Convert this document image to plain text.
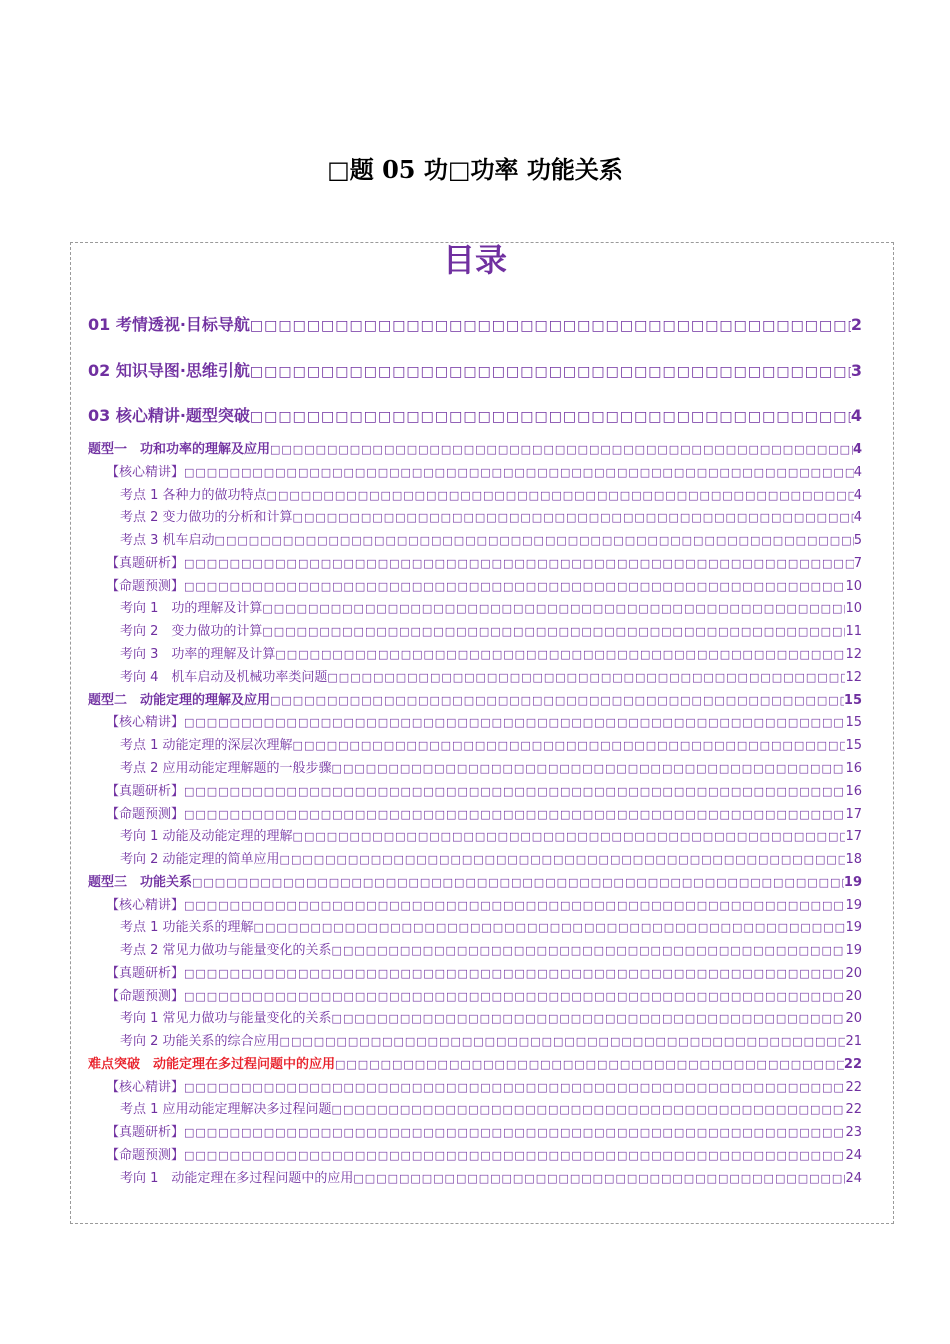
□题 05 功□功率 功能关系
目录
01 考情透视·目标导航 □□□□□□□□□□□□□□□□□□□□□□□□□□□□□□□□□□□□□□□□□□□□□□□□□□□□□□□□□□□□□□□□□□□□□□□□□□□□□□□□□□□□□□□□□□□□□□□□□□□□□□□□□□□□□□□□□□□□□□□□□□□□□□□□□□□□□□□□□□□□□□□□□□□□□□□□□□□□□□□□□□□□□□□□□□□□□□□□□□□□□□□□□	2
02 知识导图·思维引航 □□□□□□□□□□□□□□□□□□□□□□□□□□□□□□□□□□□□□□□□□□□□□□□□□□□□□□□□□□□□□□□□□□□□□□□□□□□□□□□□□□□□□□□□□□□□□□□□□□□□□□□□□□□□□□□□□□□□□□□□□□□□□□□□□□□□□□□□□□□□□□□□□□□□□□□□□□□□□□□□□□□□□□□□□□□□□□□□□□□□□□□□□	3
03 核心精讲·题型突破 □□□□□□□□□□□□□□□□□□□□□□□□□□□□□□□□□□□□□□□□□□□□□□□□□□□□□□□□□□□□□□□□□□□□□□□□□□□□□□□□□□□□□□□□□□□□□□□□□□□□□□□□□□□□□□□□□□□□□□□□□□□□□□□□□□□□□□□□□□□□□□□□□□□□□□□□□□□□□□□□□□□□□□□□□□□□□□□□□□□□□□□□□	4
题型一　功和功率的理解及应用 □□□□□□□□□□□□□□□□□□□□□□□□□□□□□□□□□□□□□□□□□□□□□□□□□□□□□□□□□□□□□□□□□□□□□□□□□□□□□□□□□□□□□□□□□□□□□□□□□□□□□□□□□□□□□□□□□□□□□□□□□□□□□□□□□□□□□□□□□□□□□□□□□□□□□□□□□□□□□□□□□□□□□□□□□□□□□□□□□□□□□□□□□	4
【核心精讲】 □□□□□□□□□□□□□□□□□□□□□□□□□□□□□□□□□□□□□□□□□□□□□□□□□□□□□□□□□□□□□□□□□□□□□□□□□□□□□□□□□□□□□□□□□□□□□□□□□□□□□□□□□□□□□□□□□□□□□□□□□□□□□□□□□□□□□□□□□□□□□□□□□□□□□□□□□□□□□□□□□□□□□□□□□□□□□□□□□□□□□□□□□	4
考点 1 各种力的做功特点 □□□□□□□□□□□□□□□□□□□□□□□□□□□□□□□□□□□□□□□□□□□□□□□□□□□□□□□□□□□□□□□□□□□□□□□□□□□□□□□□□□□□□□□□□□□□□□□□□□□□□□□□□□□□□□□□□□□□□□□□□□□□□□□□□□□□□□□□□□□□□□□□□□□□□□□□□□□□□□□□□□□□□□□□□□□□□□□□□□□□□□□□□	4
考点 2 变力做功的分析和计算 □□□□□□□□□□□□□□□□□□□□□□□□□□□□□□□□□□□□□□□□□□□□□□□□□□□□□□□□□□□□□□□□□□□□□□□□□□□□□□□□□□□□□□□□□□□□□□□□□□□□□□□□□□□□□□□□□□□□□□□□□□□□□□□□□□□□□□□□□□□□□□□□□□□□□□□□□□□□□□□□□□□□□□□□□□□□□□□□□□□□□□□□□	4
考点 3 机车启动 □□□□□□□□□□□□□□□□□□□□□□□□□□□□□□□□□□□□□□□□□□□□□□□□□□□□□□□□□□□□□□□□□□□□□□□□□□□□□□□□□□□□□□□□□□□□□□□□□□□□□□□□□□□□□□□□□□□□□□□□□□□□□□□□□□□□□□□□□□□□□□□□□□□□□□□□□□□□□□□□□□□□□□□□□□□□□□□□□□□□□□□□□	5
【真题研析】 □□□□□□□□□□□□□□□□□□□□□□□□□□□□□□□□□□□□□□□□□□□□□□□□□□□□□□□□□□□□□□□□□□□□□□□□□□□□□□□□□□□□□□□□□□□□□□□□□□□□□□□□□□□□□□□□□□□□□□□□□□□□□□□□□□□□□□□□□□□□□□□□□□□□□□□□□□□□□□□□□□□□□□□□□□□□□□□□□□□□□□□□□	7
【命题预测】 □□□□□□□□□□□□□□□□□□□□□□□□□□□□□□□□□□□□□□□□□□□□□□□□□□□□□□□□□□□□□□□□□□□□□□□□□□□□□□□□□□□□□□□□□□□□□□□□□□□□□□□□□□□□□□□□□□□□□□□□□□□□□□□□□□□□□□□□□□□□□□□□□□□□□□□□□□□□□□□□□□□□□□□□□□□□□□□□□□□□□□□□□	10
考向 1　功的理解及计算 □□□□□□□□□□□□□□□□□□□□□□□□□□□□□□□□□□□□□□□□□□□□□□□□□□□□□□□□□□□□□□□□□□□□□□□□□□□□□□□□□□□□□□□□□□□□□□□□□□□□□□□□□□□□□□□□□□□□□□□□□□□□□□□□□□□□□□□□□□□□□□□□□□□□□□□□□□□□□□□□□□□□□□□□□□□□□□□□□□□□□□□□□	10
考向 2　变力做功的计算 □□□□□□□□□□□□□□□□□□□□□□□□□□□□□□□□□□□□□□□□□□□□□□□□□□□□□□□□□□□□□□□□□□□□□□□□□□□□□□□□□□□□□□□□□□□□□□□□□□□□□□□□□□□□□□□□□□□□□□□□□□□□□□□□□□□□□□□□□□□□□□□□□□□□□□□□□□□□□□□□□□□□□□□□□□□□□□□□□□□□□□□□□	11
考向 3　功率的理解及计算 □□□□□□□□□□□□□□□□□□□□□□□□□□□□□□□□□□□□□□□□□□□□□□□□□□□□□□□□□□□□□□□□□□□□□□□□□□□□□□□□□□□□□□□□□□□□□□□□□□□□□□□□□□□□□□□□□□□□□□□□□□□□□□□□□□□□□□□□□□□□□□□□□□□□□□□□□□□□□□□□□□□□□□□□□□□□□□□□□□□□□□□□□	12
考向 4　机车启动及机械功率类问题 □□□□□□□□□□□□□□□□□□□□□□□□□□□□□□□□□□□□□□□□□□□□□□□□□□□□□□□□□□□□□□□□□□□□□□□□□□□□□□□□□□□□□□□□□□□□□□□□□□□□□□□□□□□□□□□□□□□□□□□□□□□□□□□□□□□□□□□□□□□□□□□□□□□□□□□□□□□□□□□□□□□□□□□□□□□□□□□□□□□□□□□□□	12
题型二　动能定理的理解及应用 □□□□□□□□□□□□□□□□□□□□□□□□□□□□□□□□□□□□□□□□□□□□□□□□□□□□□□□□□□□□□□□□□□□□□□□□□□□□□□□□□□□□□□□□□□□□□□□□□□□□□□□□□□□□□□□□□□□□□□□□□□□□□□□□□□□□□□□□□□□□□□□□□□□□□□□□□□□□□□□□□□□□□□□□□□□□□□□□□□□□□□□□□	15
【核心精讲】 □□□□□□□□□□□□□□□□□□□□□□□□□□□□□□□□□□□□□□□□□□□□□□□□□□□□□□□□□□□□□□□□□□□□□□□□□□□□□□□□□□□□□□□□□□□□□□□□□□□□□□□□□□□□□□□□□□□□□□□□□□□□□□□□□□□□□□□□□□□□□□□□□□□□□□□□□□□□□□□□□□□□□□□□□□□□□□□□□□□□□□□□□	15
考点 1 动能定理的深层次理解 □□□□□□□□□□□□□□□□□□□□□□□□□□□□□□□□□□□□□□□□□□□□□□□□□□□□□□□□□□□□□□□□□□□□□□□□□□□□□□□□□□□□□□□□□□□□□□□□□□□□□□□□□□□□□□□□□□□□□□□□□□□□□□□□□□□□□□□□□□□□□□□□□□□□□□□□□□□□□□□□□□□□□□□□□□□□□□□□□□□□□□□□□	15
考点 2 应用动能定理解题的一般步骤 □□□□□□□□□□□□□□□□□□□□□□□□□□□□□□□□□□□□□□□□□□□□□□□□□□□□□□□□□□□□□□□□□□□□□□□□□□□□□□□□□□□□□□□□□□□□□□□□□□□□□□□□□□□□□□□□□□□□□□□□□□□□□□□□□□□□□□□□□□□□□□□□□□□□□□□□□□□□□□□□□□□□□□□□□□□□□□□□□□□□□□□□□	16
【真题研析】 □□□□□□□□□□□□□□□□□□□□□□□□□□□□□□□□□□□□□□□□□□□□□□□□□□□□□□□□□□□□□□□□□□□□□□□□□□□□□□□□□□□□□□□□□□□□□□□□□□□□□□□□□□□□□□□□□□□□□□□□□□□□□□□□□□□□□□□□□□□□□□□□□□□□□□□□□□□□□□□□□□□□□□□□□□□□□□□□□□□□□□□□□	16
【命题预测】 □□□□□□□□□□□□□□□□□□□□□□□□□□□□□□□□□□□□□□□□□□□□□□□□□□□□□□□□□□□□□□□□□□□□□□□□□□□□□□□□□□□□□□□□□□□□□□□□□□□□□□□□□□□□□□□□□□□□□□□□□□□□□□□□□□□□□□□□□□□□□□□□□□□□□□□□□□□□□□□□□□□□□□□□□□□□□□□□□□□□□□□□□	17
考向 1 动能及动能定理的理解 □□□□□□□□□□□□□□□□□□□□□□□□□□□□□□□□□□□□□□□□□□□□□□□□□□□□□□□□□□□□□□□□□□□□□□□□□□□□□□□□□□□□□□□□□□□□□□□□□□□□□□□□□□□□□□□□□□□□□□□□□□□□□□□□□□□□□□□□□□□□□□□□□□□□□□□□□□□□□□□□□□□□□□□□□□□□□□□□□□□□□□□□□	17
考向 2 动能定理的简单应用 □□□□□□□□□□□□□□□□□□□□□□□□□□□□□□□□□□□□□□□□□□□□□□□□□□□□□□□□□□□□□□□□□□□□□□□□□□□□□□□□□□□□□□□□□□□□□□□□□□□□□□□□□□□□□□□□□□□□□□□□□□□□□□□□□□□□□□□□□□□□□□□□□□□□□□□□□□□□□□□□□□□□□□□□□□□□□□□□□□□□□□□□□	18
题型三　功能关系 □□□□□□□□□□□□□□□□□□□□□□□□□□□□□□□□□□□□□□□□□□□□□□□□□□□□□□□□□□□□□□□□□□□□□□□□□□□□□□□□□□□□□□□□□□□□□□□□□□□□□□□□□□□□□□□□□□□□□□□□□□□□□□□□□□□□□□□□□□□□□□□□□□□□□□□□□□□□□□□□□□□□□□□□□□□□□□□□□□□□□□□□□	19
【核心精讲】 □□□□□□□□□□□□□□□□□□□□□□□□□□□□□□□□□□□□□□□□□□□□□□□□□□□□□□□□□□□□□□□□□□□□□□□□□□□□□□□□□□□□□□□□□□□□□□□□□□□□□□□□□□□□□□□□□□□□□□□□□□□□□□□□□□□□□□□□□□□□□□□□□□□□□□□□□□□□□□□□□□□□□□□□□□□□□□□□□□□□□□□□□	19
考点 1 功能关系的理解 □□□□□□□□□□□□□□□□□□□□□□□□□□□□□□□□□□□□□□□□□□□□□□□□□□□□□□□□□□□□□□□□□□□□□□□□□□□□□□□□□□□□□□□□□□□□□□□□□□□□□□□□□□□□□□□□□□□□□□□□□□□□□□□□□□□□□□□□□□□□□□□□□□□□□□□□□□□□□□□□□□□□□□□□□□□□□□□□□□□□□□□□□	19
考点 2 常见力做功与能量变化的关系 □□□□□□□□□□□□□□□□□□□□□□□□□□□□□□□□□□□□□□□□□□□□□□□□□□□□□□□□□□□□□□□□□□□□□□□□□□□□□□□□□□□□□□□□□□□□□□□□□□□□□□□□□□□□□□□□□□□□□□□□□□□□□□□□□□□□□□□□□□□□□□□□□□□□□□□□□□□□□□□□□□□□□□□□□□□□□□□□□□□□□□□□□	19
【真题研析】 □□□□□□□□□□□□□□□□□□□□□□□□□□□□□□□□□□□□□□□□□□□□□□□□□□□□□□□□□□□□□□□□□□□□□□□□□□□□□□□□□□□□□□□□□□□□□□□□□□□□□□□□□□□□□□□□□□□□□□□□□□□□□□□□□□□□□□□□□□□□□□□□□□□□□□□□□□□□□□□□□□□□□□□□□□□□□□□□□□□□□□□□□	20
【命题预测】 □□□□□□□□□□□□□□□□□□□□□□□□□□□□□□□□□□□□□□□□□□□□□□□□□□□□□□□□□□□□□□□□□□□□□□□□□□□□□□□□□□□□□□□□□□□□□□□□□□□□□□□□□□□□□□□□□□□□□□□□□□□□□□□□□□□□□□□□□□□□□□□□□□□□□□□□□□□□□□□□□□□□□□□□□□□□□□□□□□□□□□□□□	20
考向 1 常见力做功与能量变化的关系 □□□□□□□□□□□□□□□□□□□□□□□□□□□□□□□□□□□□□□□□□□□□□□□□□□□□□□□□□□□□□□□□□□□□□□□□□□□□□□□□□□□□□□□□□□□□□□□□□□□□□□□□□□□□□□□□□□□□□□□□□□□□□□□□□□□□□□□□□□□□□□□□□□□□□□□□□□□□□□□□□□□□□□□□□□□□□□□□□□□□□□□□□	20
考向 2 功能关系的综合应用 □□□□□□□□□□□□□□□□□□□□□□□□□□□□□□□□□□□□□□□□□□□□□□□□□□□□□□□□□□□□□□□□□□□□□□□□□□□□□□□□□□□□□□□□□□□□□□□□□□□□□□□□□□□□□□□□□□□□□□□□□□□□□□□□□□□□□□□□□□□□□□□□□□□□□□□□□□□□□□□□□□□□□□□□□□□□□□□□□□□□□□□□□	21
难点突破　动能定理在多过程问题中的应用 □□□□□□□□□□□□□□□□□□□□□□□□□□□□□□□□□□□□□□□□□□□□□□□□□□□□□□□□□□□□□□□□□□□□□□□□□□□□□□□□□□□□□□□□□□□□□□□□□□□□□□□□□□□□□□□□□□□□□□□□□□□□□□□□□□□□□□□□□□□□□□□□□□□□□□□□□□□□□□□□□□□□□□□□□□□□□□□□□□□□□□□□□	22
【核心精讲】 □□□□□□□□□□□□□□□□□□□□□□□□□□□□□□□□□□□□□□□□□□□□□□□□□□□□□□□□□□□□□□□□□□□□□□□□□□□□□□□□□□□□□□□□□□□□□□□□□□□□□□□□□□□□□□□□□□□□□□□□□□□□□□□□□□□□□□□□□□□□□□□□□□□□□□□□□□□□□□□□□□□□□□□□□□□□□□□□□□□□□□□□□	22
考点 1 应用动能定理解决多过程问题 □□□□□□□□□□□□□□□□□□□□□□□□□□□□□□□□□□□□□□□□□□□□□□□□□□□□□□□□□□□□□□□□□□□□□□□□□□□□□□□□□□□□□□□□□□□□□□□□□□□□□□□□□□□□□□□□□□□□□□□□□□□□□□□□□□□□□□□□□□□□□□□□□□□□□□□□□□□□□□□□□□□□□□□□□□□□□□□□□□□□□□□□□	22
【真题研析】 □□□□□□□□□□□□□□□□□□□□□□□□□□□□□□□□□□□□□□□□□□□□□□□□□□□□□□□□□□□□□□□□□□□□□□□□□□□□□□□□□□□□□□□□□□□□□□□□□□□□□□□□□□□□□□□□□□□□□□□□□□□□□□□□□□□□□□□□□□□□□□□□□□□□□□□□□□□□□□□□□□□□□□□□□□□□□□□□□□□□□□□□□	23
【命题预测】 □□□□□□□□□□□□□□□□□□□□□□□□□□□□□□□□□□□□□□□□□□□□□□□□□□□□□□□□□□□□□□□□□□□□□□□□□□□□□□□□□□□□□□□□□□□□□□□□□□□□□□□□□□□□□□□□□□□□□□□□□□□□□□□□□□□□□□□□□□□□□□□□□□□□□□□□□□□□□□□□□□□□□□□□□□□□□□□□□□□□□□□□□	24
考向 1　动能定理在多过程问题中的应用 □□□□□□□□□□□□□□□□□□□□□□□□□□□□□□□□□□□□□□□□□□□□□□□□□□□□□□□□□□□□□□□□□□□□□□□□□□□□□□□□□□□□□□□□□□□□□□□□□□□□□□□□□□□□□□□□□□□□□□□□□□□□□□□□□□□□□□□□□□□□□□□□□□□□□□□□□□□□□□□□□□□□□□□□□□□□□□□□□□□□□□□□□	24
